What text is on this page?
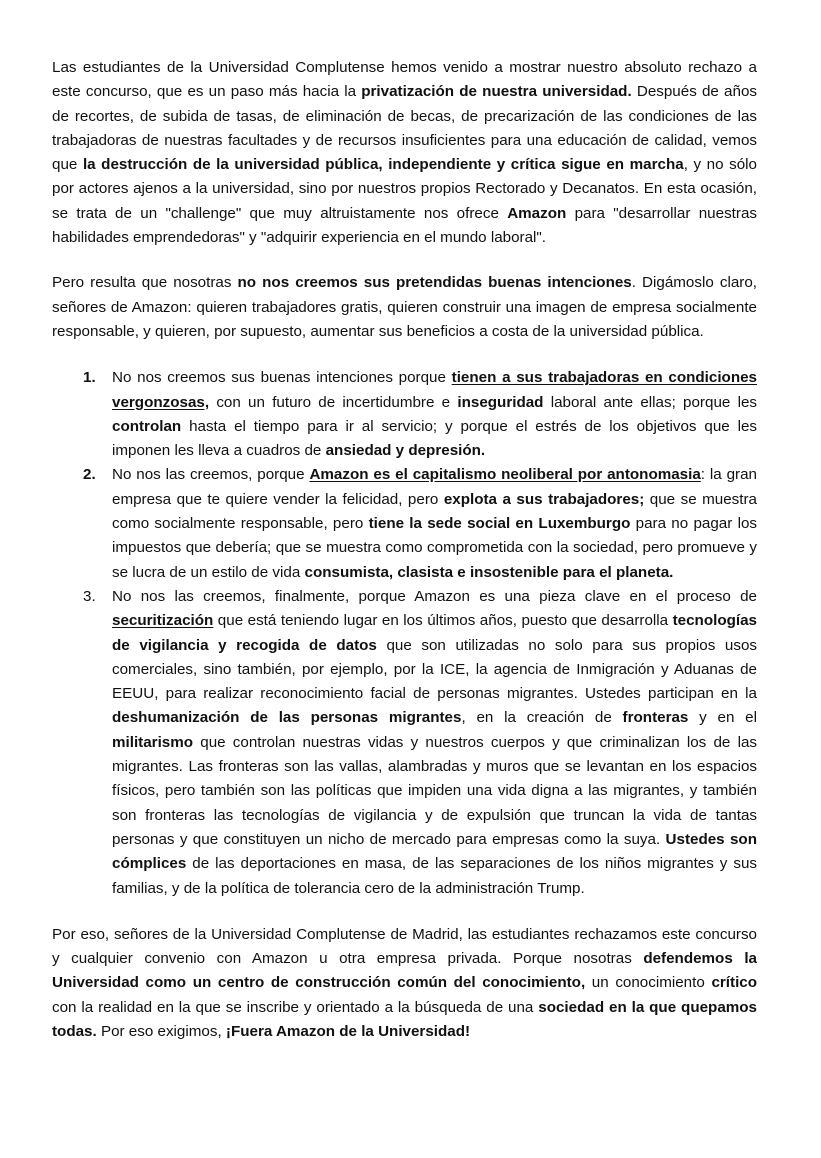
Las estudiantes de la Universidad Complutense hemos venido a mostrar nuestro absoluto rechazo a este concurso, que es un paso más hacia la privatización de nuestra universidad. Después de años de recortes, de subida de tasas, de eliminación de becas, de precarización de las condiciones de las trabajadoras de nuestras facultades y de recursos insuficientes para una educación de calidad, vemos que la destrucción de la universidad pública, independiente y crítica sigue en marcha, y no sólo por actores ajenos a la universidad, sino por nuestros propios Rectorado y Decanatos. En esta ocasión, se trata de un "challenge" que muy altruistamente nos ofrece Amazon para "desarrollar nuestras habilidades emprendedoras" y "adquirir experiencia en el mundo laboral".

Pero resulta que nosotras no nos creemos sus pretendidas buenas intenciones. Digámoslo claro, señores de Amazon: quieren trabajadores gratis, quieren construir una imagen de empresa socialmente responsable, y quieren, por supuesto, aumentar sus beneficios a costa de la universidad pública.

1. No nos creemos sus buenas intenciones porque tienen a sus trabajadoras en condiciones vergonzosas, con un futuro de incertidumbre e inseguridad laboral ante ellas; porque les controlan hasta el tiempo para ir al servicio; y porque el estrés de los objetivos que les imponen les lleva a cuadros de ansiedad y depresión.
2. No nos las creemos, porque Amazon es el capitalismo neoliberal por antonomasia: la gran empresa que te quiere vender la felicidad, pero explota a sus trabajadores; que se muestra como socialmente responsable, pero tiene la sede social en Luxemburgo para no pagar los impuestos que debería; que se muestra como comprometida con la sociedad, pero promueve y se lucra de un estilo de vida consumista, clasista e insostenible para el planeta.
3. No nos las creemos, finalmente, porque Amazon es una pieza clave en el proceso de securitización que está teniendo lugar en los últimos años, puesto que desarrolla tecnologías de vigilancia y recogida de datos que son utilizadas no solo para sus propios usos comerciales, sino también, por ejemplo, por la ICE, la agencia de Inmigración y Aduanas de EEUU, para realizar reconocimiento facial de personas migrantes. Ustedes participan en la deshumanización de las personas migrantes, en la creación de fronteras y en el militarismo que controlan nuestras vidas y nuestros cuerpos y que criminalizan los de las migrantes. Las fronteras son las vallas, alambradas y muros que se levantan en los espacios físicos, pero también son las políticas que impiden una vida digna a las migrantes, y también son fronteras las tecnologías de vigilancia y de expulsión que truncan la vida de tantas personas y que constituyen un nicho de mercado para empresas como la suya. Ustedes son cómplices de las deportaciones en masa, de las separaciones de los niños migrantes y sus familias, y de la política de tolerancia cero de la administración Trump.

Por eso, señores de la Universidad Complutense de Madrid, las estudiantes rechazamos este concurso y cualquier convenio con Amazon u otra empresa privada. Porque nosotras defendemos la Universidad como un centro de construcción común del conocimiento, un conocimiento crítico con la realidad en la que se inscribe y orientado a la búsqueda de una sociedad en la que quepamos todas. Por eso exigimos, ¡Fuera Amazon de la Universidad!
